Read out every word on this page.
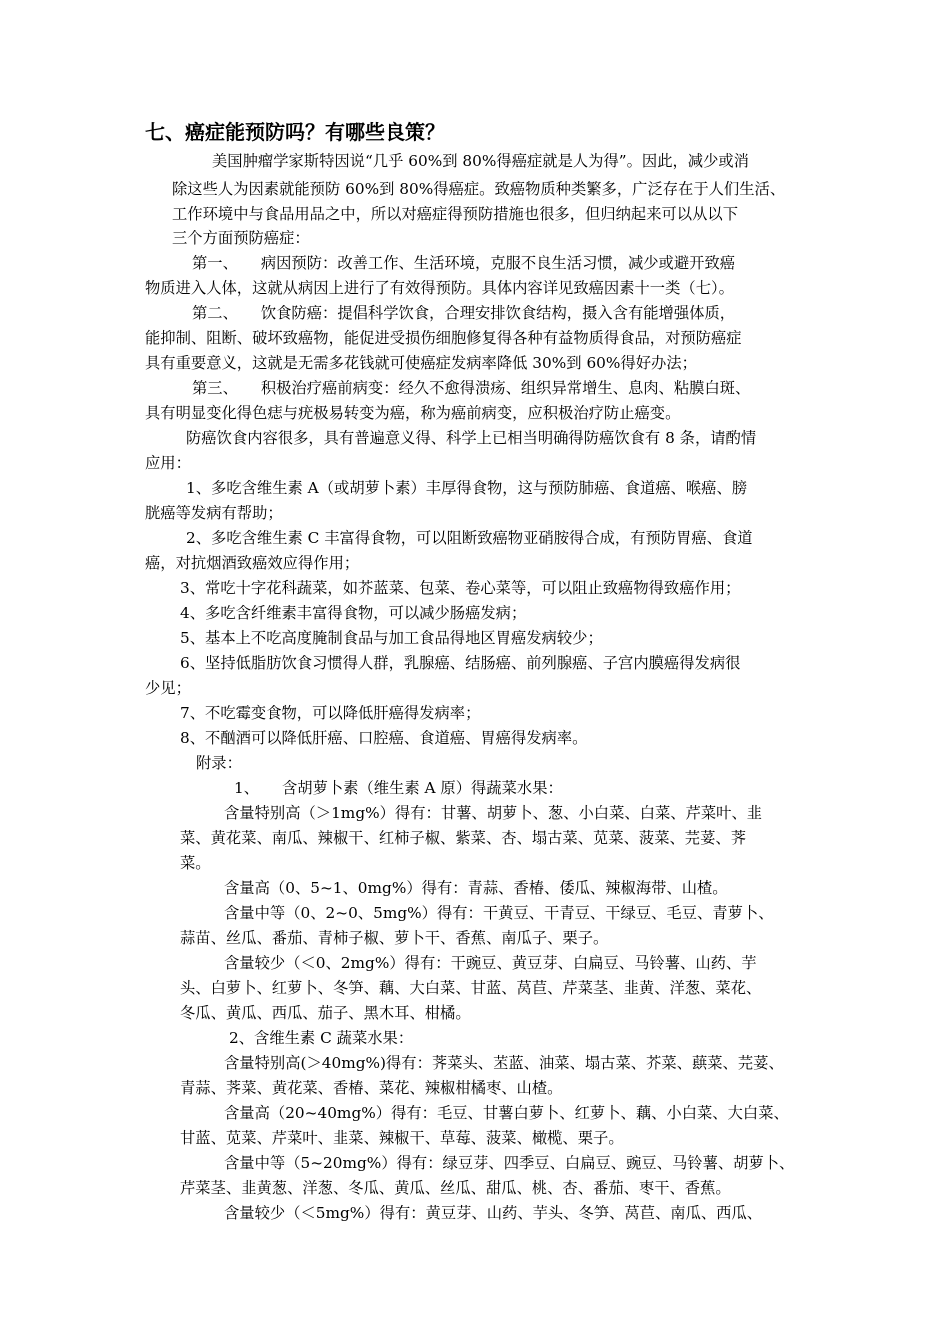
七、癌症能预防吗？有哪些良策？
美国肿瘤学家斯特因说“几乎 60%到 80%得癌症就是人为得”。因此，减少或消
除这些人为因素就能预防 60%到 80%得癌症。致癌物质种类繁多，广泛存在于人们生活、
工作环境中与食品用品之中，所以对癌症得预防措施也很多，但归纳起来可以从以下
三个方面预防癌症：
第一、　　病因预防：改善工作、生活环境，克服不良生活习惯，减少或避开致癌
物质进入人体，这就从病因上进行了有效得预防。具体内容详见致癌因素十一类（七）。
第二、　　饮食防癌：提倡科学饮食，合理安排饮食结构，摄入含有能增强体质，
能抑制、阻断、破坏致癌物，能促进受损伤细胞修复得各种有益物质得食品，对预防癌症
具有重要意义，这就是无需多花钱就可使癌症发病率降低 30%到 60%得好办法；
第三、　　积极治疗癌前病变：经久不愈得溃疡、组织异常增生、息肉、粘膜白斑、
具有明显变化得色痣与疣极易转变为癌，称为癌前病变，应积极治疗防止癌变。
防癌饮食内容很多，具有普遍意义得、科学上已相当明确得防癌饮食有 8 条，请酌情
应用：
1、多吃含维生素 A（或胡萝卜素）丰厚得食物，这与预防肺癌、食道癌、喉癌、膀
胱癌等发病有帮助；
2、多吃含维生素 C 丰富得食物，可以阻断致癌物亚硝胺得合成，有预防胃癌、食道
癌，对抗烟酒致癌效应得作用；
3、常吃十字花科蔬菜，如芥蓝菜、包菜、卷心菜等，可以阻止致癌物得致癌作用；
4、多吃含纤维素丰富得食物，可以减少肠癌发病；
5、基本上不吃高度腌制食品与加工食品得地区胃癌发病较少；
6、坚持低脂肪饮食习惯得人群，乳腺癌、结肠癌、前列腺癌、子宫内膜癌得发病很
少见；
7、不吃霉变食物，可以降低肝癌得发病率；
8、不酗酒可以降低肝癌、口腔癌、食道癌、胃癌得发病率。
附录：
1、　　含胡萝卜素（维生素 A 原）得蔬菜水果：
含量特别高（＞1mg%）得有：甘薯、胡萝卜、葱、小白菜、白菜、芹菜叶、韭
菜、黄花菜、南瓜、辣椒干、红柿子椒、紫菜、杏、塌古菜、苋菜、菠菜、芫荽、荠
菜。
含量高（0、5~1、0mg%）得有：青蒜、香椿、倭瓜、辣椒海带、山楂。
含量中等（0、2~0、5mg%）得有：干黄豆、干青豆、干绿豆、毛豆、青萝卜、
蒜苗、丝瓜、番茄、青柿子椒、萝卜干、香蕉、南瓜子、栗子。
含量较少（＜0、2mg%）得有：干豌豆、黄豆芽、白扁豆、马铃薯、山药、芋
头、白萝卜、红萝卜、冬笋、藕、大白菜、甘蓝、莴苣、芹菜茎、韭黄、洋葱、菜花、
冬瓜、黄瓜、西瓜、茄子、黑木耳、柑橘。
2、含维生素 C 蔬菜水果：
含量特别高(＞40mg%)得有：荠菜头、苤蓝、油菜、塌古菜、芥菜、蕻菜、芫荽、
青蒜、荠菜、黄花菜、香椿、菜花、辣椒柑橘枣、山楂。
含量高（20~40mg%）得有：毛豆、甘薯白萝卜、红萝卜、藕、小白菜、大白菜、
甘蓝、苋菜、芹菜叶、韭菜、辣椒干、草莓、菠菜、橄榄、栗子。
含量中等（5~20mg%）得有：绿豆芽、四季豆、白扁豆、豌豆、马铃薯、胡萝卜、
芹菜茎、韭黄葱、洋葱、冬瓜、黄瓜、丝瓜、甜瓜、桃、杏、番茄、枣干、香蕉。
含量较少（＜5mg%）得有：黄豆芽、山药、芋头、冬笋、莴苣、南瓜、西瓜、
